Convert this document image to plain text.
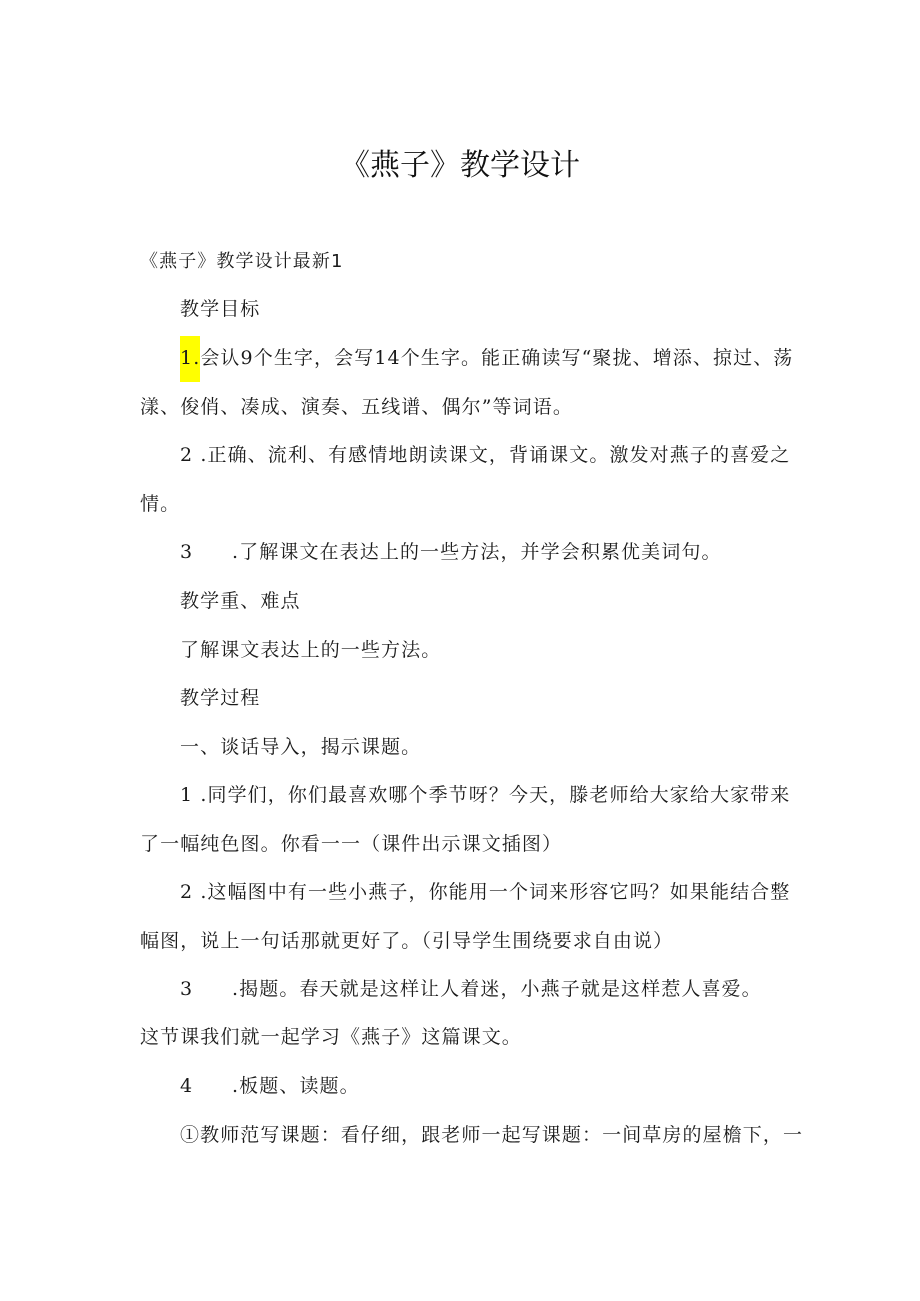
《燕子》教学设计
《燕子》教学设计最新1
教学目标
1.会认9个生字，会写14个生字。能正确读写“聚拢、增添、掠过、荡
漾、俊俏、凑成、演奏、五线谱、偶尔”等词语。
2 .正确、流利、有感情地朗读课文，背诵课文。激发对燕子的喜爱之
情。
3 .了解课文在表达上的一些方法，并学会积累优美词句。
教学重、难点
了解课文表达上的一些方法。
教学过程
一、谈话导入，揭示课题。
1 .同学们，你们最喜欢哪个季节呀？今天，滕老师给大家给大家带来
了一幅纯色图。你看一一（课件出示课文插图）
2 .这幅图中有一些小燕子，你能用一个词来形容它吗？如果能结合整
幅图，说上一句话那就更好了。（引导学生围绕要求自由说）
3 .揭题。春天就是这样让人着迷，小燕子就是这样惹人喜爱。
这节课我们就一起学习《燕子》这篇课文。
4 .板题、读题。
①教师范写课题：看仔细，跟老师一起写课题：一间草房的屋檐下，一
